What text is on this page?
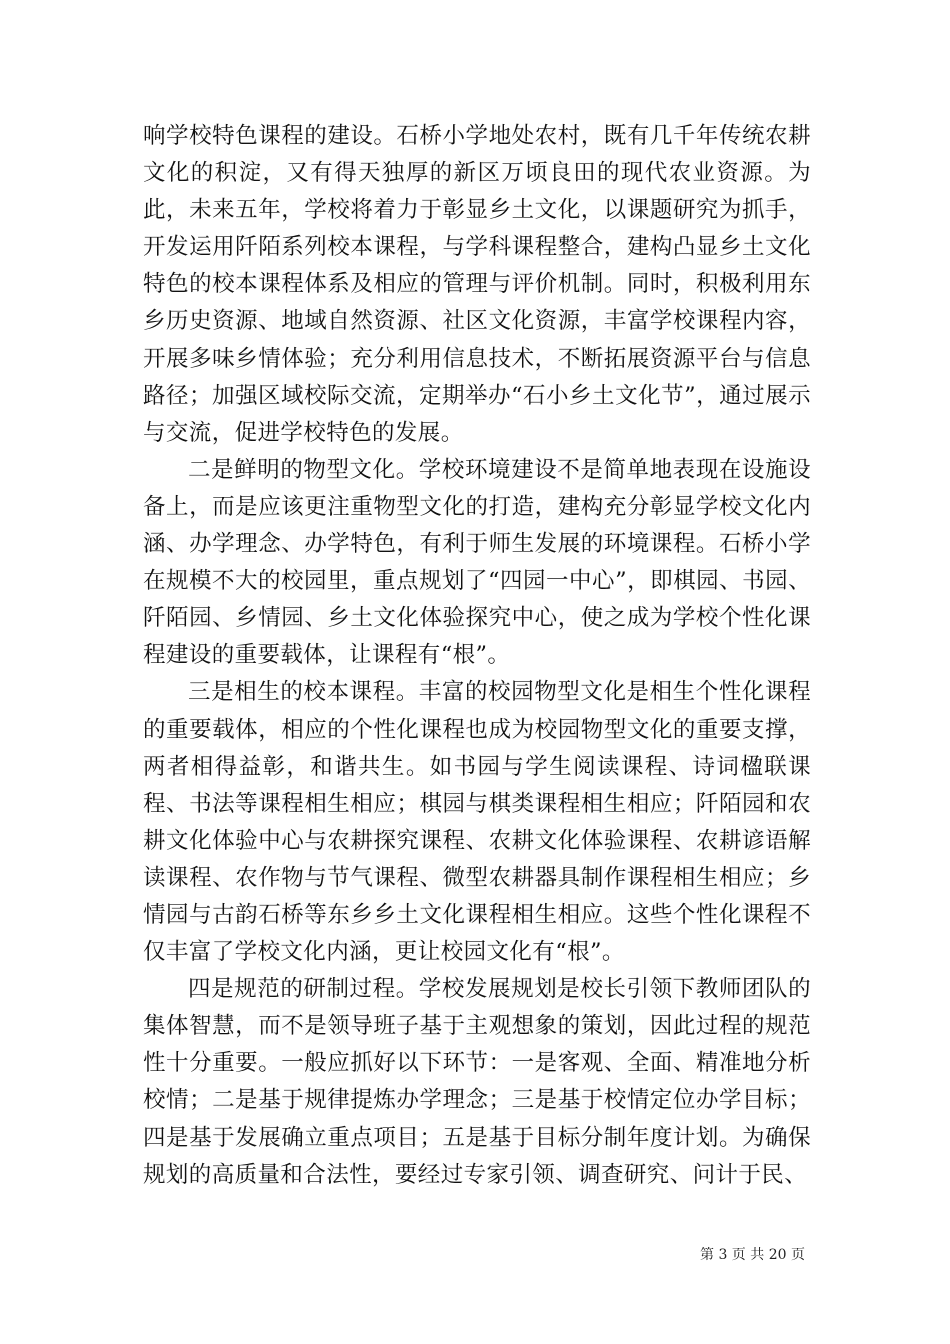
响学校特色课程的建设。石桥小学地处农村，既有几千年传统农耕文化的积淀，又有得天独厚的新区万顷良田的现代农业资源。为此，未来五年，学校将着力于彰显乡土文化，以课题研究为抓手，开发运用阡陌系列校本课程，与学科课程整合，建构凸显乡土文化特色的校本课程体系及相应的管理与评价机制。同时，积极利用东乡历史资源、地域自然资源、社区文化资源，丰富学校课程内容，开展多味乡情体验；充分利用信息技术，不断拓展资源平台与信息路径；加强区域校际交流，定期举办“石小乡土文化节”，通过展示与交流，促进学校特色的发展。

二是鲜明的物型文化。学校环境建设不是简单地表现在设施设备上，而是应该更注重物型文化的打造，建构充分彰显学校文化内涵、办学理念、办学特色，有利于师生发展的环境课程。石桥小学在规模不大的校园里，重点规划了“四园一中心”，即棋园、书园、阡陌园、乡情园、乡土文化体验探究中心，使之成为学校个性化课程建设的重要载体，让课程有“根”。

三是相生的校本课程。丰富的校园物型文化是相生个性化课程的重要载体，相应的个性化课程也成为校园物型文化的重要支撑，两者相得益彰，和谐共生。如书园与学生阅读课程、诗词楹联课程、书法等课程相生相应；棋园与棋类课程相生相应；阡陌园和农耕文化体验中心与农耕探究课程、农耕文化体验课程、农耕谚语解读课程、农作物与节气课程、微型农耕器具制作课程相生相应；乡情园与古韵石桥等东乡乡土文化课程相生相应。这些个性化课程不仅丰富了学校文化内涵，更让校园文化有“根”。

四是规范的研制过程。学校发展规划是校长引领下教师团队的集体智慧，而不是领导班子基于主观想象的策划，因此过程的规范性十分重要。一般应抓好以下环节：一是客观、全面、精准地分析校情；二是基于规律提炼办学理念；三是基于校情定位办学目标；四是基于发展确立重点项目；五是基于目标分制年度计划。为确保规划的高质量和合法性，要经过专家引领、调查研究、问计于民、

第 3 页 共 20 页
